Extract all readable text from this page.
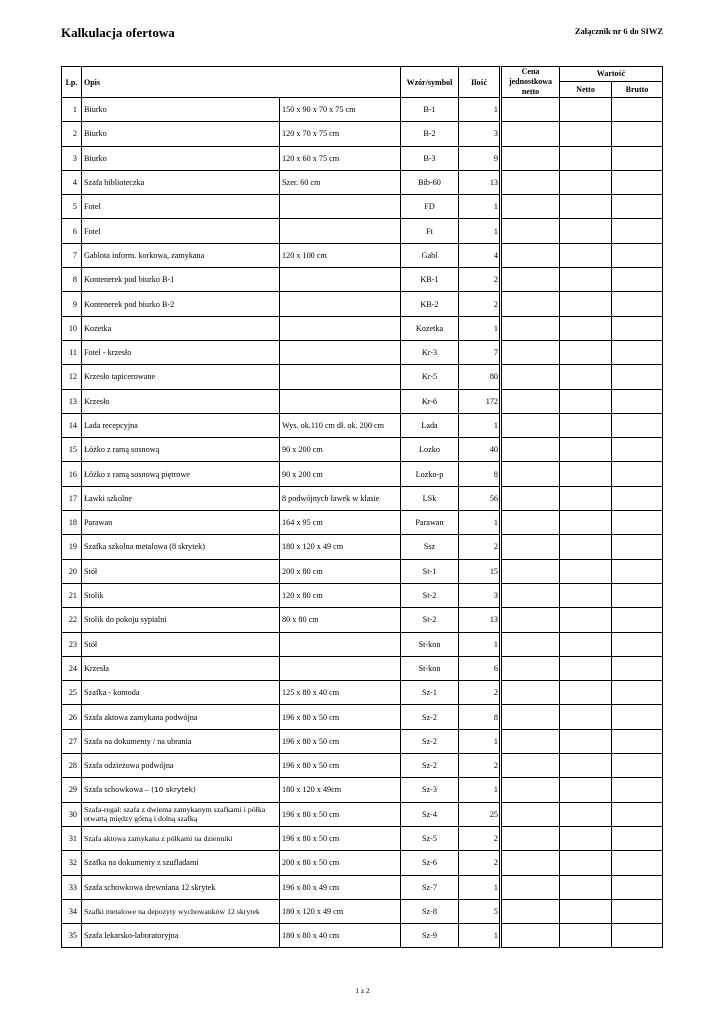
Kalkulacja ofertowa	Załącznik nr 6 do SIWZ
Lp.	Opis		Wzór/symbol	Ilość	Cena jednostkowa netto	Wartość	
						Netto	Brutto
1	Biurko	150 x 90 x 70 x 75 cm	B-1	1			
2	Biurko	120 x 70 x 75 cm	B-2	3			
3	Biurko	120 x 60 x 75 cm	B-3	9			
4	Szafa biblioteczka	Szer. 60 cm	Bib-60	13			
5	Fotel		FD	1			
6	Fotel		Ft	1			
7	Gablota inform. korkowa, zamykana	120 x 100 cm	Gabl	4			
8	Kontenerek pod biurko B-1		KB-1	2			
9	Kontenerek pod biurko B-2		KB-2	2			
10	Kozetka		Kozetka	1			
11	Fotel - krzesło		Kr-3	7			
12	Krzesło tapicerowane		Kr-5	80			
13	Krzesło		Kr-6	172			
14	Lada recepcyjna	Wys. ok.110 cm dł. ok. 200 cm	Lada	1			
15	Łóżko z ramą sosnową	90 x 200 cm	Lozko	40			
16	Łóżko z ramą sosnową piętrowe	90 x 200 cm	Lozko-p	8			
17	Ławki szkolne	8 podwójnych ławek w klasie	LSk	56			
18	Parawan	164 x 95 cm	Parawan	1			
19	Szafka szkolna metalowa (8 skrytek)	180 x 120 x 49 cm	Ssz	2			
20	Stół	200 x 80 cm	St-1	15			
21	Stolik	120 x 80 cm	St-2	3			
22	Stolik do pokoju sypialni	80 x 80 cm	St-2	13			
23	Stół		St-kon	1			
24	Krzesła		St-kon	6			
25	Szafka - komoda	125 x 80 x 40 cm	Sz-1	2			
26	Szafa aktowa zamykana podwójna	196 x 80 x 50 cm	Sz-2	8			
27	Szafa na dokumenty / na ubrania	196 x 80 x 50 cm	Sz-2	1			
28	Szafa odzieżowa podwójna	196 x 80 x 50 cm	Sz-2	2			
29	Szafa schowkowa – (10 skrytek)	180 x 120 x 49cm	Sz-3	1			
30	Szafa-regał: szafa z dwiema zamykanym szafkami i półka otwartą między górną i dolną szafką	196 x 80 x 50 cm	Sz-4	25			
31	Szafa aktowa zamykana z półkami na dzienniki	196 x 80 x 50 cm	Sz-5	2			
32	Szafka na dokumenty z szufladami	200 x 80 x 50 cm	Sz-6	2			
33	Szafa schowkowa drewniana 12 skrytek	196 x 80 x 49 cm	Sz-7	1			
34	Szafki metalowe na depozyty wychowanków 12 skrytek	180 x 120 x 49 cm	Sz-8	5			
35	Szafa lekarsko-laboratoryjna	180 x 80 x 40 cm	Sz-9	1			
1 z 2
